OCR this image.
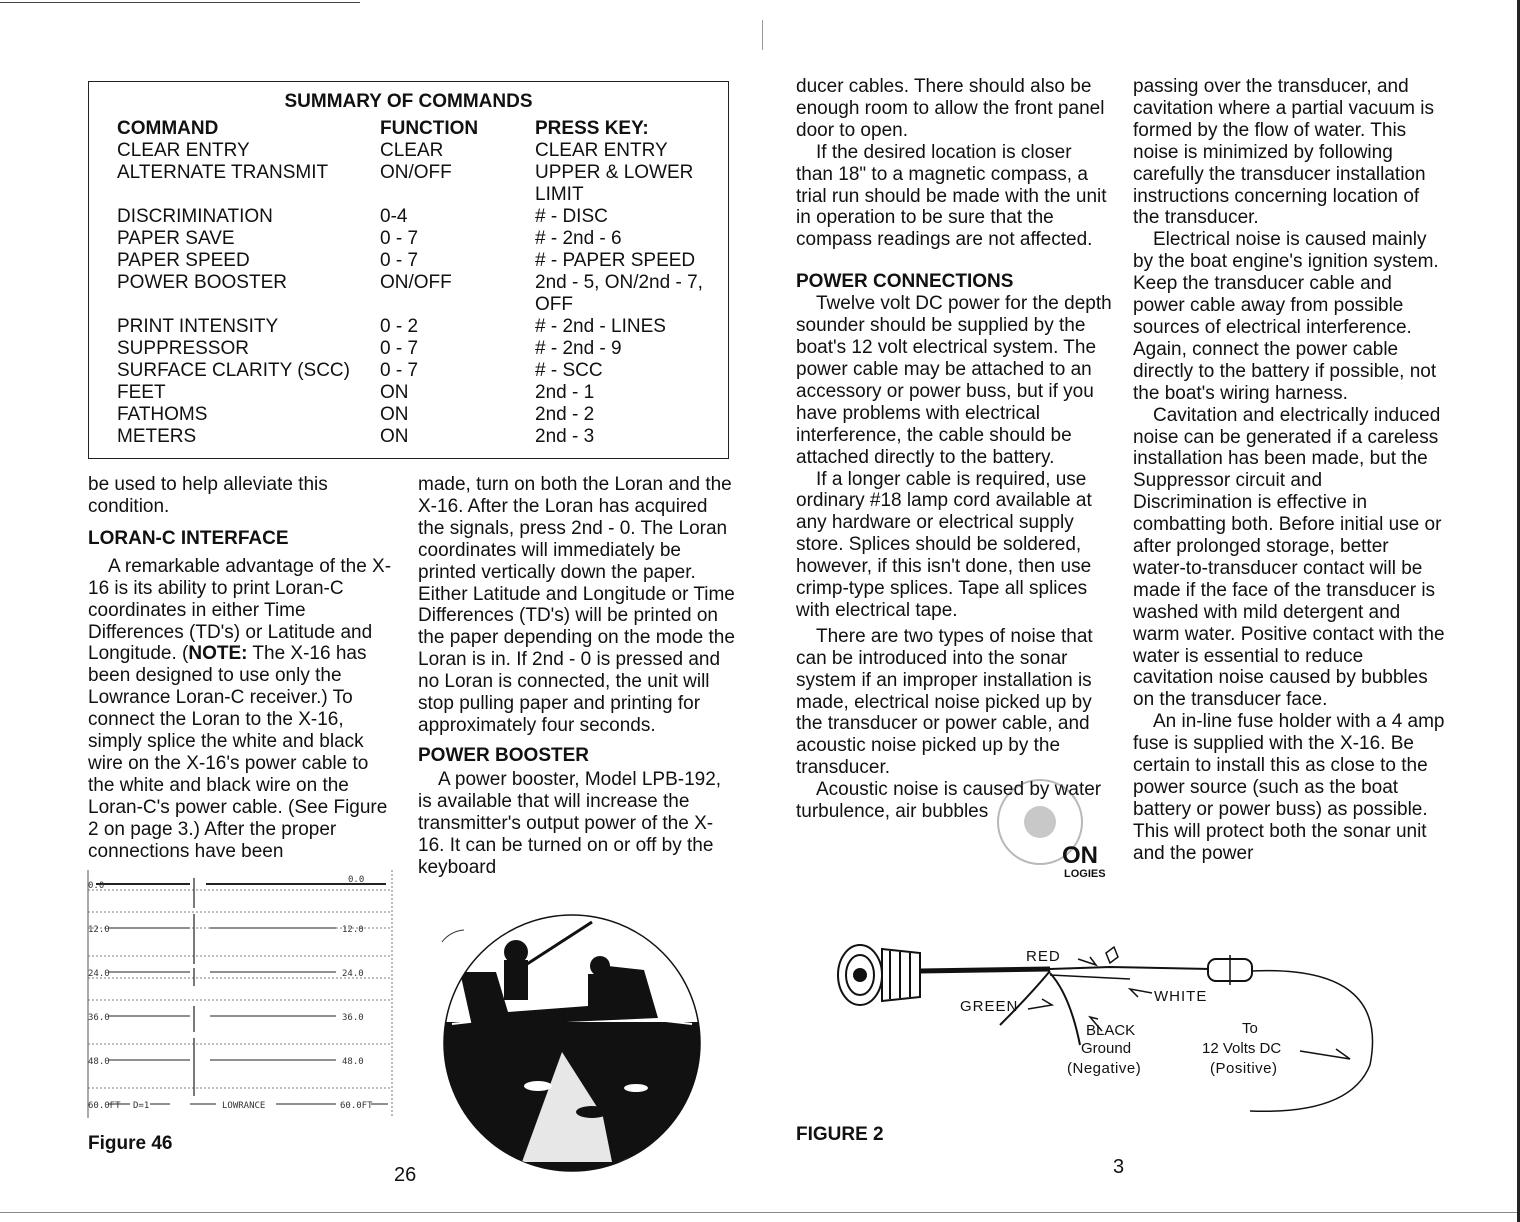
SUMMARY OF COMMANDS
COMMAND	FUNCTION	PRESS KEY:
CLEAR ENTRY	CLEAR	CLEAR ENTRY
ALTERNATE TRANSMIT	ON/OFF	UPPER & LOWER LIMIT
DISCRIMINATION	0-4	# - DISC
PAPER SAVE	0 - 7	# - 2nd - 6
PAPER SPEED	0 - 7	# - PAPER SPEED
POWER BOOSTER	ON/OFF	2nd - 5, ON/2nd - 7, OFF
PRINT INTENSITY	0 - 2	# - 2nd - LINES
SUPPRESSOR	0 - 7	# - 2nd - 9
SURFACE CLARITY (SCC)	0 - 7	# - SCC
FEET	ON	2nd - 1
FATHOMS	ON	2nd - 2
METERS	ON	2nd - 3

be used to help alleviate this condition.

LORAN-C INTERFACE

A remarkable advantage of the X-16 is its ability to print Loran-C coordinates in either Time Differences (TD's) or Latitude and Longitude. (NOTE: The X-16 has been designed to use only the Lowrance Loran-C receiver.) To connect the Loran to the X-16, simply splice the white and black wire on the X-16's power cable to the white and black wire on the Loran-C's power cable. (See Figure 2 on page 3.) After the proper connections have been

made, turn on both the Loran and the X-16. After the Loran has acquired the signals, press 2nd - 0. The Loran coordinates will immediately be printed vertically down the paper. Either Latitude and Longitude or Time Differences (TD's) will be printed on the paper depending on the mode the Loran is in. If 2nd - 0 is pressed and no Loran is connected, the unit will stop pulling paper and printing for approximately four seconds.

POWER BOOSTER

A power booster, Model LPB-192, is available that will increase the transmitter's output power of the X-16. It can be turned on or off by the keyboard

0.0
12.0
24.0
36.0
48.0
60.0FT
0.0
12.0
24.0
36.0
48.0
60.0FT
D=1	LOWRANCE
Figure 46
26

ducer cables. There should also be enough room to allow the front panel door to open.

If the desired location is closer than 18" to a magnetic compass, a trial run should be made with the unit in operation to be sure that the compass readings are not affected.

POWER CONNECTIONS

Twelve volt DC power for the depth sounder should be supplied by the boat's 12 volt electrical system. The power cable may be attached to an accessory or power buss, but if you have problems with electrical interference, the cable should be attached directly to the battery.

If a longer cable is required, use ordinary #18 lamp cord available at any hardware or electrical supply store. Splices should be soldered, however, if this isn't done, then use crimp-type splices. Tape all splices with electrical tape.

There are two types of noise that can be introduced into the sonar system if an improper installation is made, electrical noise picked up by the transducer or power cable, and acoustic noise picked up by the transducer.

Acoustic noise is caused by water turbulence, air bubbles

ON
LOGIES

passing over the transducer, and cavitation where a partial vacuum is formed by the flow of water. This noise is minimized by following carefully the transducer installation instructions concerning location of the transducer.

Electrical noise is caused mainly by the boat engine's ignition system. Keep the transducer cable and power cable away from possible sources of electrical interference. Again, connect the power cable directly to the battery if possible, not the boat's wiring harness.

Cavitation and electrically induced noise can be generated if a careless installation has been made, but the Suppressor circuit and Discrimination is effective in combatting both. Before initial use or after prolonged storage, better water-to-transducer contact will be made if the face of the transducer is washed with mild detergent and warm water. Positive contact with the water is essential to reduce cavitation noise caused by bubbles on the transducer face.

An in-line fuse holder with a 4 amp fuse is supplied with the X-16. Be certain to install this as close to the power source (such as the boat battery or power buss) as possible. This will protect both the sonar unit and the power

RED
GREEN
WHITE
BLACK
Ground
(Negative)
To
12 Volts DC
(Positive)
FIGURE 2
3
